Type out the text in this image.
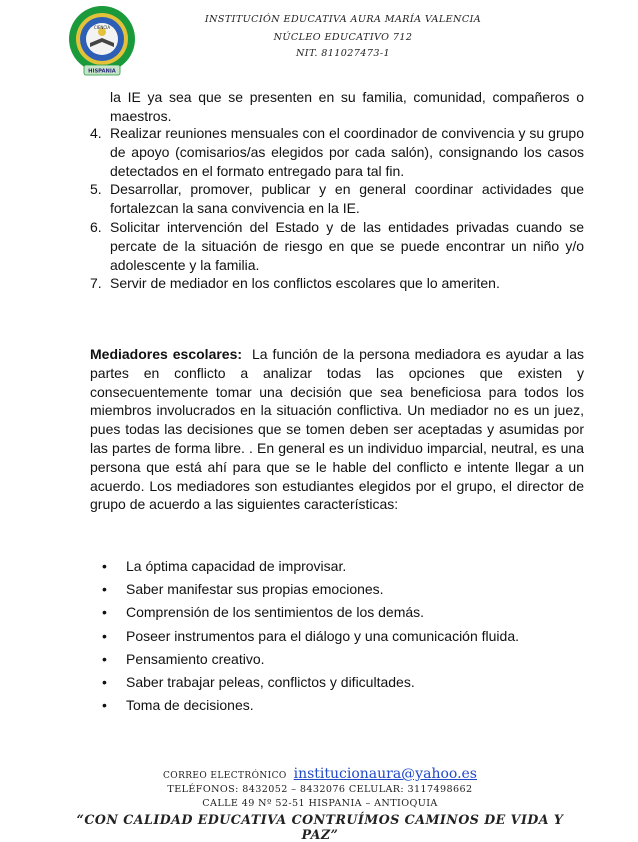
CIENCIA
HISPANIA
INSTITUCIÓN EDUCATIVA AURA MARÍA VALENCIA
NÚCLEO EDUCATIVO 712
NIT. 811027473-1
la IE ya sea que se presenten en su familia, comunidad, compañeros o maestros.
4. Realizar reuniones mensuales con el coordinador de convivencia y su grupo de apoyo (comisarios/as elegidos por cada salón), consignando los casos detectados en el formato entregado para tal fin.
5. Desarrollar, promover, publicar y en general coordinar actividades que fortalezcan la sana convivencia en la IE.
6. Solicitar intervención del Estado y de las entidades privadas cuando se percate de la situación de riesgo en que se puede encontrar un niño y/o adolescente y la familia.
7. Servir de mediador en los conflictos escolares que lo ameriten.
Mediadores escolares: La función de la persona mediadora es ayudar a las partes en conflicto a analizar todas las opciones que existen y consecuentemente tomar una decisión que sea beneficiosa para todos los miembros involucrados en la situación conflictiva. Un mediador no es un juez, pues todas las decisiones que se tomen deben ser aceptadas y asumidas por las partes de forma libre. . En general es un individuo imparcial, neutral, es una persona que está ahí para que se le hable del conflicto e intente llegar a un acuerdo. Los mediadores son estudiantes elegidos por el grupo, el director de grupo de acuerdo a las siguientes características:
• La óptima capacidad de improvisar.
• Saber manifestar sus propias emociones.
• Comprensión de los sentimientos de los demás.
• Poseer instrumentos para el diálogo y una comunicación fluida.
• Pensamiento creativo.
• Saber trabajar peleas, conflictos y dificultades.
• Toma de decisiones.
CORREO ELECTRÓNICO institucionaura@yahoo.es
TELÉFONOS: 8432052 – 8432076 CELULAR: 3117498662
CALLE 49 Nº 52-51 HISPANIA – ANTIOQUIA
“CON CALIDAD EDUCATIVA CONTRUÍMOS CAMINOS DE VIDA Y PAZ”
